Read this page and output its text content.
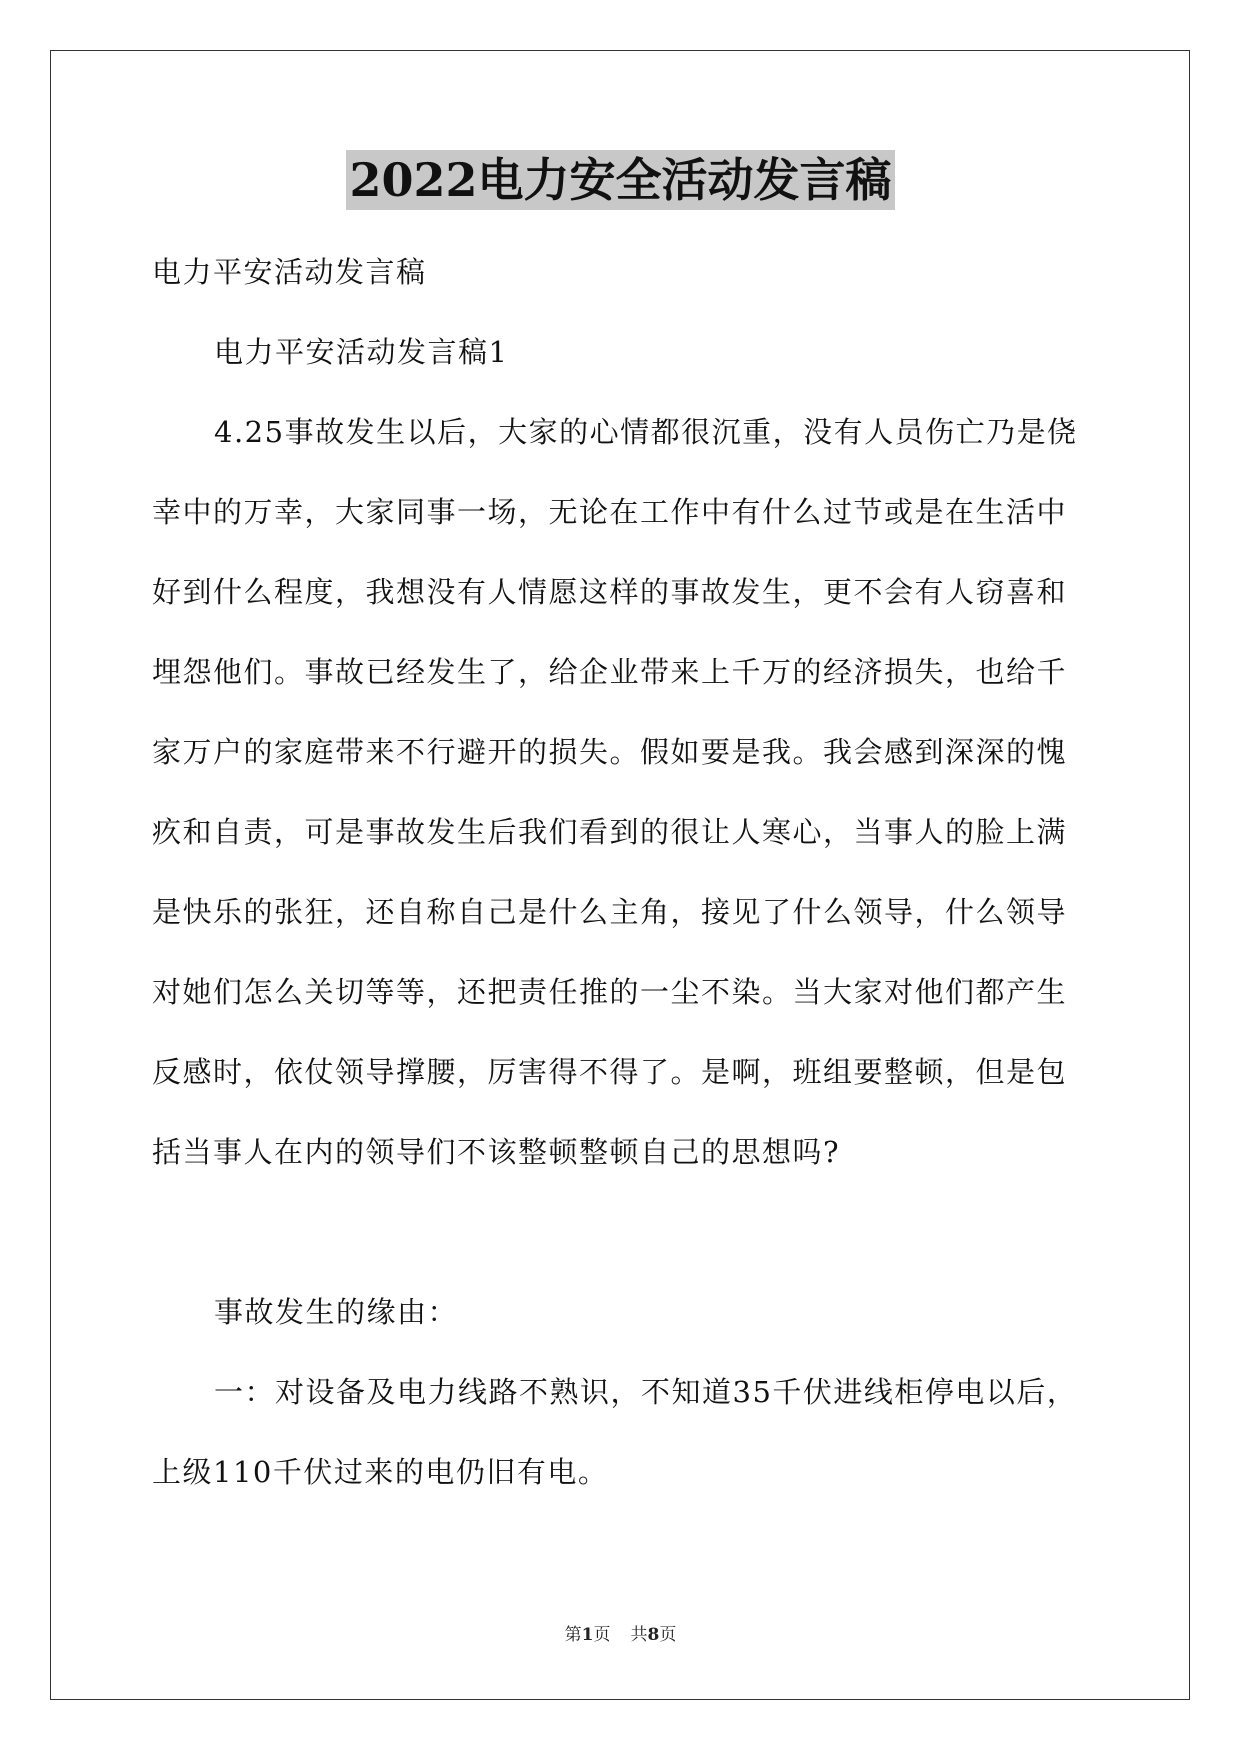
2022电力安全活动发言稿

电力平安活动发言稿

电力平安活动发言稿1

4.25事故发生以后，大家的心情都很沉重，没有人员伤亡乃是侥

幸中的万幸，大家同事一场，无论在工作中有什么过节或是在生活中

好到什么程度，我想没有人情愿这样的事故发生，更不会有人窃喜和

埋怨他们。事故已经发生了，给企业带来上千万的经济损失，也给千

家万户的家庭带来不行避开的损失。假如要是我。我会感到深深的愧

疚和自责，可是事故发生后我们看到的很让人寒心，当事人的脸上满

是快乐的张狂，还自称自己是什么主角，接见了什么领导，什么领导

对她们怎么关切等等，还把责任推的一尘不染。当大家对他们都产生

反感时，依仗领导撑腰，厉害得不得了。是啊，班组要整顿，但是包

括当事人在内的领导们不该整顿整顿自己的思想吗?

事故发生的缘由：

一：对设备及电力线路不熟识，不知道35千伏进线柜停电以后，

上级110千伏过来的电仍旧有电。

第1页 共8页
